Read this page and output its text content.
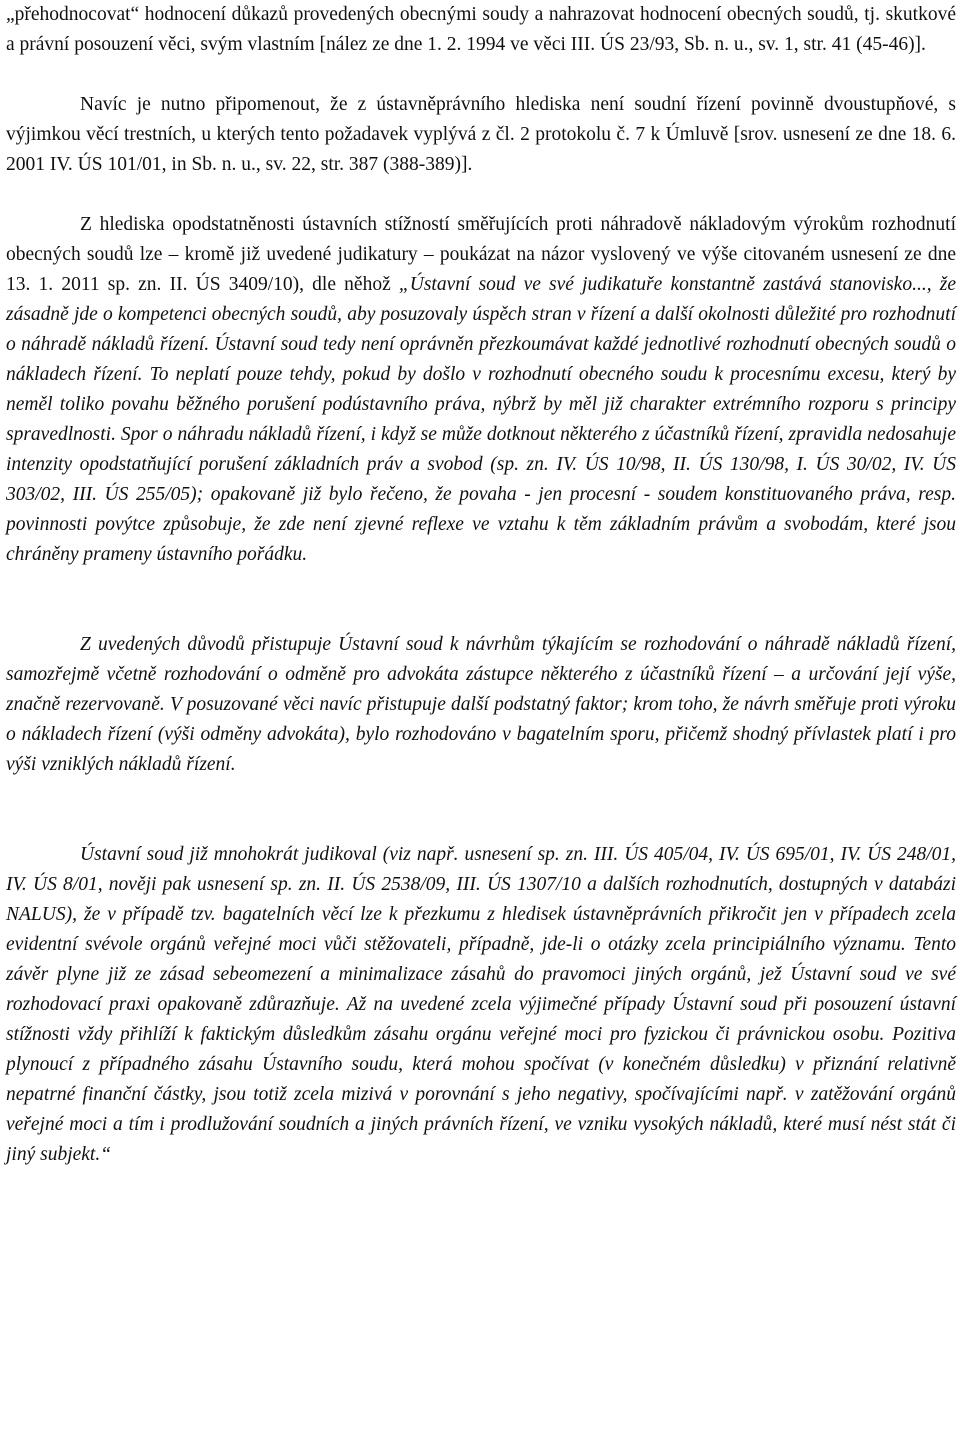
„přehodnocovat“ hodnocení důkazů provedených obecnými soudy a nahrazovat hodnocení obecných soudů, tj. skutkové a právní posouzení věci, svým vlastním [nález ze dne 1. 2. 1994 ve věci III. ÚS 23/93, Sb. n. u., sv. 1, str. 41 (45-46)].

Navíc je nutno připomenout, že z ústavněprávního hlediska není soudní řízení povinně dvoustupňové, s výjimkou věcí trestních, u kterých tento požadavek vyplývá z čl. 2 protokolu č. 7 k Úmluvě [srov. usnesení ze dne 18. 6. 2001 IV. ÚS 101/01, in Sb. n. u., sv. 22, str. 387 (388-389)].

Z hlediska opodstatněnosti ústavních stížností směřujících proti náhradově nákladovým výrokům rozhodnutí obecných soudů lze – kromě již uvedené judikatury – poukázat na názor vyslovený ve výše citovaném usnesení ze dne 13. 1. 2011 sp. zn. II. ÚS 3409/10), dle něhož „Ústavní soud ve své judikatuře konstantně zastává stanovisko..., že zásadně jde o kompetenci obecných soudů, aby posuzovaly úspěch stran v řízení a další okolnosti důležité pro rozhodnutí o náhradě nákladů řízení. Ústavní soud tedy není oprávněn přezkoumávat každé jednotlivé rozhodnutí obecných soudů o nákladech řízení. To neplatí pouze tehdy, pokud by došlo v rozhodnutí obecného soudu k procesnímu excesu, který by neměl toliko povahu běžného porušení podústavního práva, nýbrž by měl již charakter extrémního rozporu s principy spravedlnosti. Spor o náhradu nákladů řízení, i když se může dotknout některého z účastníků řízení, zpravidla nedosahuje intenzity opodstatňující porušení základních práv a svobod (sp. zn. IV. ÚS 10/98, II. ÚS 130/98, I. ÚS 30/02, IV. ÚS 303/02, III. ÚS 255/05); opakovaně již bylo řečeno, že povaha - jen procesní - soudem konstituovaného práva, resp. povinnosti povýtce způsobuje, že zde není zjevné reflexe ve vztahu k těm základním právům a svobodám, které jsou chráněny prameny ústavního pořádku.

Z uvedených důvodů přistupuje Ústavní soud k návrhům týkajícím se rozhodování o náhradě nákladů řízení, samozřejmě včetně rozhodování o odměně pro advokáta zástupce některého z účastníků řízení – a určování její výše, značně rezervovaně. V posuzované věci navíc přistupuje další podstatný faktor; krom toho, že návrh směřuje proti výroku o nákladech řízení (výši odměny advokáta), bylo rozhodováno v bagatelním sporu, přičemž shodný přívlastek platí i pro výši vzniklých nákladů řízení.

Ústavní soud již mnohokrát judikoval (viz např. usnesení sp. zn. III. ÚS 405/04, IV. ÚS 695/01, IV. ÚS 248/01, IV. ÚS 8/01, nověji pak usnesení sp. zn. II. ÚS 2538/09, III. ÚS 1307/10 a dalších rozhodnutích, dostupných v databázi NALUS), že v případě tzv. bagatelních věcí lze k přezkumu z hledisek ústavněprávních přikročit jen v případech zcela evidentní svévole orgánů veřejné moci vůči stěžovateli, případně, jde-li o otázky zcela principiálního významu. Tento závěr plyne již ze zásad sebeomezení a minimalizace zásahů do pravomoci jiných orgánů, jež Ústavní soud ve své rozhodovací praxi opakovaně zdůrazňuje. Až na uvedené zcela výjimečné případy Ústavní soud při posouzení ústavní stížnosti vždy přihlíží k faktickým důsledkům zásahu orgánu veřejné moci pro fyzickou či právnickou osobu. Pozitiva plynoucí z případného zásahu Ústavního soudu, která mohou spočívat (v konečném důsledku) v přiznání relativně nepatrné finanční částky, jsou totiž zcela mizivá v porovnání s jeho negativy, spočívajícími např. v zatěžování orgánů veřejné moci a tím i prodlužování soudních a jiných právních řízení, ve vzniku vysokých nákladů, které musí nést stát či jiný subjekt.“
